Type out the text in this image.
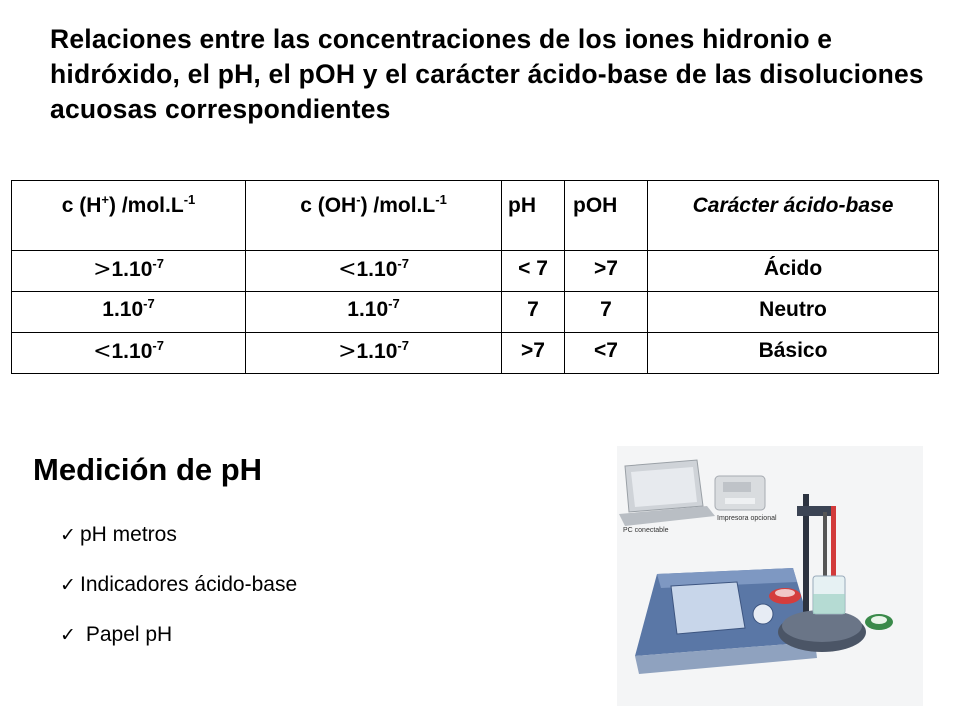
Relaciones entre las concentraciones de los iones hidronio e hidróxido, el pH, el pOH y el carácter ácido-base de las disoluciones acuosas correspondientes
c (H+) $/mol.L^{-1}$	c (OH-) $/mol.L^{-1}$	pH	pOH	Carácter ácido-base
$>1.10^{-7}$	$<1.10^{-7}$	< 7	>7	Ácido
$1.10^{-7}$	$1.10^{-7}$	7	7	Neutro
$<1.10^{-7}$	$>1.10^{-7}$	>7	<7	Básico
Medición de pH
✓ pH metros
✓ Indicadores ácido-base
✓ Papel pH
PC conectable
Impresora opcional
